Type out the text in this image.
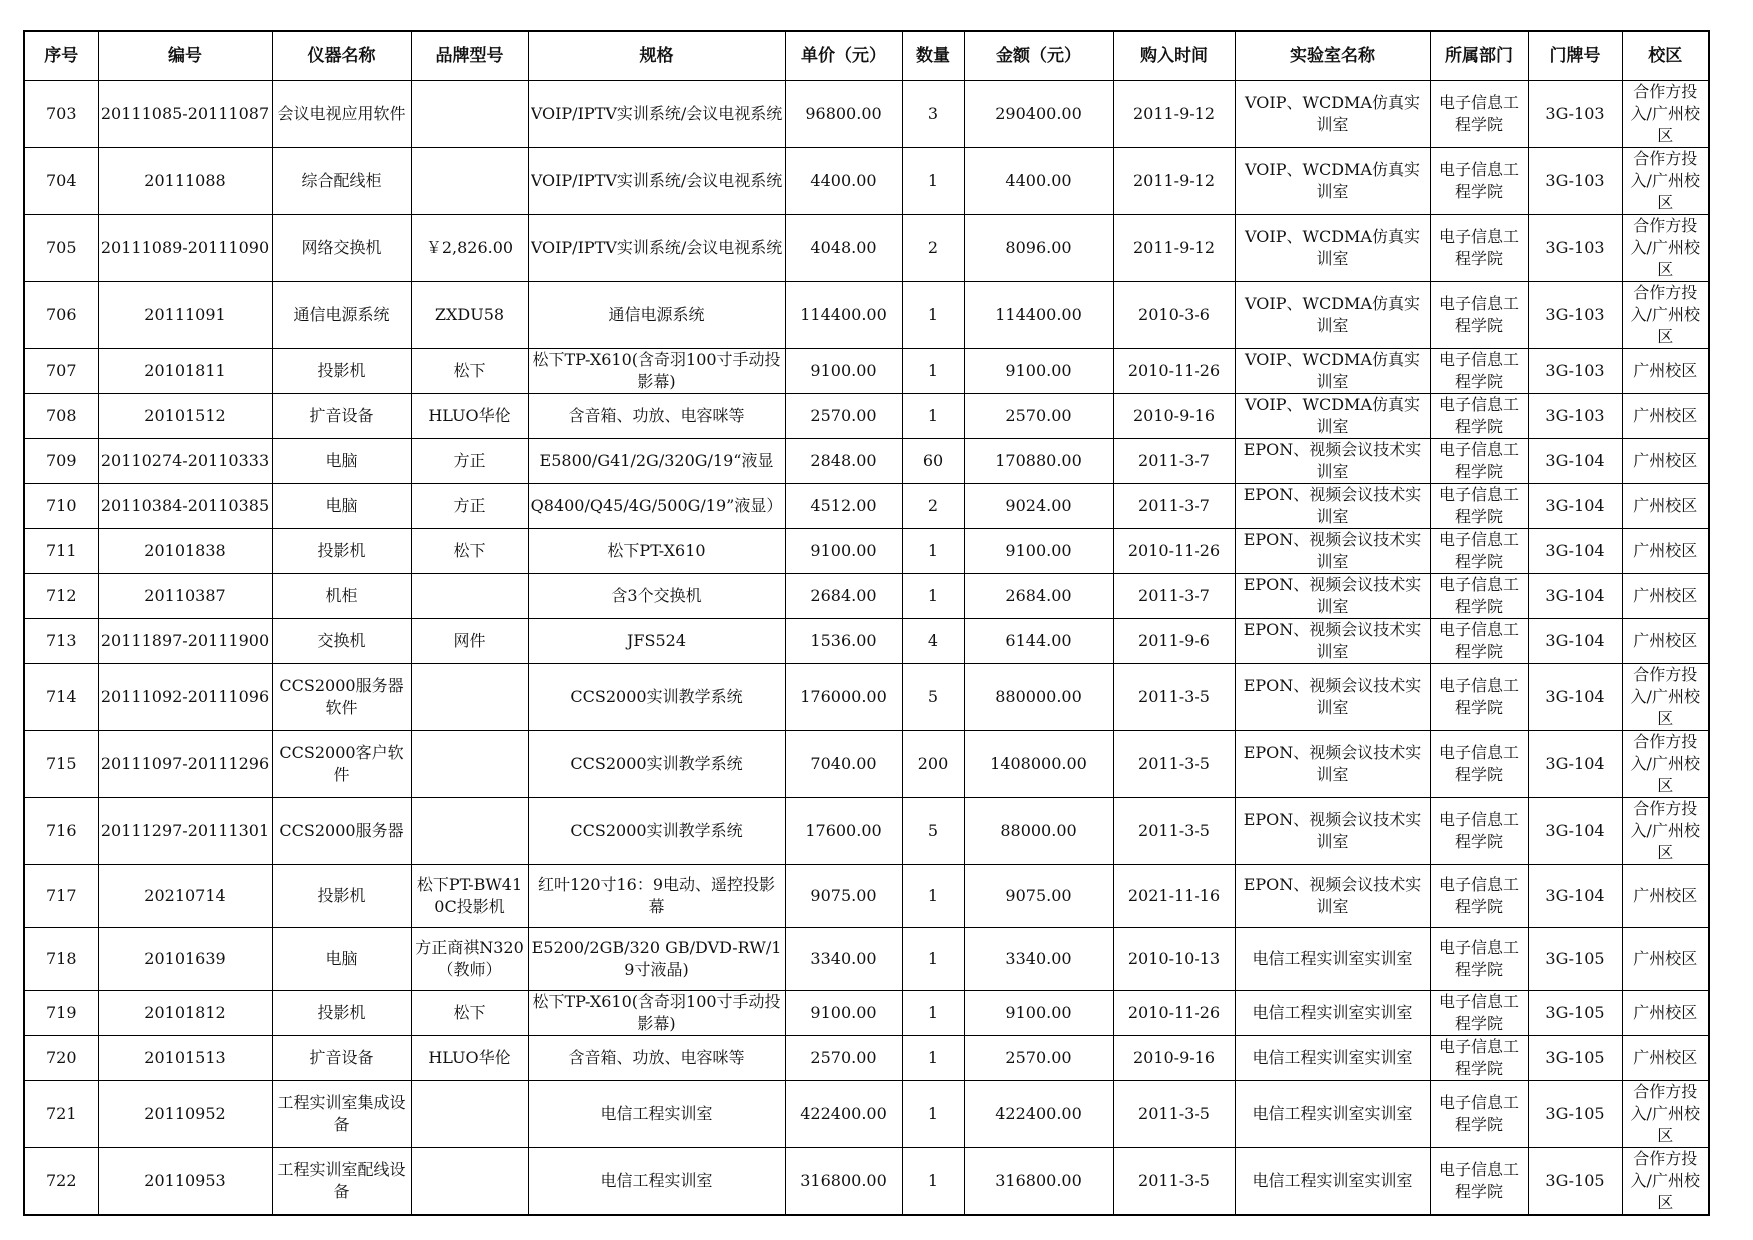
序号	编号	仪器名称	品牌型号	规格	单价（元）	数量	金额（元）	购入时间	实验室名称	所属部门	门牌号	校区

703	20111085-20111087	会议电视应用软件		VOIP/IPTV实训系统/会议电视系统	96800.00	3	290400.00	2011-9-12	VOIP、WCDMA仿真实训室	电子信息工程学院	3G-103	合作方投入/广州校区

704	20111088	综合配线柜		VOIP/IPTV实训系统/会议电视系统	4400.00	1	4400.00	2011-9-12	VOIP、WCDMA仿真实训室	电子信息工程学院	3G-103	合作方投入/广州校区

705	20111089-20111090	网络交换机	￥2,826.00	VOIP/IPTV实训系统/会议电视系统	4048.00	2	8096.00	2011-9-12	VOIP、WCDMA仿真实训室	电子信息工程学院	3G-103	合作方投入/广州校区

706	20111091	通信电源系统	ZXDU58	通信电源系统	114400.00	1	114400.00	2010-3-6	VOIP、WCDMA仿真实训室	电子信息工程学院	3G-103	合作方投入/广州校区

707	20101811	投影机	松下	松下TP-X610(含奇羽100寸手动投影幕)	9100.00	1	9100.00	2010-11-26	VOIP、WCDMA仿真实训室	电子信息工程学院	3G-103	广州校区

708	20101512	扩音设备	HLUO华伦	含音箱、功放、电容咪等	2570.00	1	2570.00	2010-9-16	VOIP、WCDMA仿真实训室	电子信息工程学院	3G-103	广州校区

709	20110274-20110333	电脑	方正	E5800/G41/2G/320G/19“液显	2848.00	60	170880.00	2011-3-7	EPON、视频会议技术实训室	电子信息工程学院	3G-104	广州校区

710	20110384-20110385	电脑	方正	Q8400/Q45/4G/500G/19”液显）	4512.00	2	9024.00	2011-3-7	EPON、视频会议技术实训室	电子信息工程学院	3G-104	广州校区

711	20101838	投影机	松下	松下PT-X610	9100.00	1	9100.00	2010-11-26	EPON、视频会议技术实训室	电子信息工程学院	3G-104	广州校区

712	20110387	机柜		含3个交换机	2684.00	1	2684.00	2011-3-7	EPON、视频会议技术实训室	电子信息工程学院	3G-104	广州校区

713	20111897-20111900	交换机	网件	JFS524	1536.00	4	6144.00	2011-9-6	EPON、视频会议技术实训室	电子信息工程学院	3G-104	广州校区

714	20111092-20111096	CCS2000服务器软件		CCS2000实训教学系统	176000.00	5	880000.00	2011-3-5	EPON、视频会议技术实训室	电子信息工程学院	3G-104	合作方投入/广州校区

715	20111097-20111296	CCS2000客户软件		CCS2000实训教学系统	7040.00	200	1408000.00	2011-3-5	EPON、视频会议技术实训室	电子信息工程学院	3G-104	合作方投入/广州校区

716	20111297-20111301	CCS2000服务器		CCS2000实训教学系统	17600.00	5	88000.00	2011-3-5	EPON、视频会议技术实训室	电子信息工程学院	3G-104	合作方投入/广州校区

717	20210714	投影机	松下PT-BW410C投影机	红叶120寸16：9电动、遥控投影幕	9075.00	1	9075.00	2021-11-16	EPON、视频会议技术实训室	电子信息工程学院	3G-104	广州校区

718	20101639	电脑	方正商祺N320（教师）	E5200/2GB/320 GB/DVD-RW/19寸液晶)	3340.00	1	3340.00	2010-10-13	电信工程实训室实训室	电子信息工程学院	3G-105	广州校区

719	20101812	投影机	松下	松下TP-X610(含奇羽100寸手动投影幕)	9100.00	1	9100.00	2010-11-26	电信工程实训室实训室	电子信息工程学院	3G-105	广州校区

720	20101513	扩音设备	HLUO华伦	含音箱、功放、电容咪等	2570.00	1	2570.00	2010-9-16	电信工程实训室实训室	电子信息工程学院	3G-105	广州校区

721	20110952	工程实训室集成设备		电信工程实训室	422400.00	1	422400.00	2011-3-5	电信工程实训室实训室	电子信息工程学院	3G-105	合作方投入/广州校区

722	20110953	工程实训室配线设备		电信工程实训室	316800.00	1	316800.00	2011-3-5	电信工程实训室实训室	电子信息工程学院	3G-105	合作方投入/广州校区
